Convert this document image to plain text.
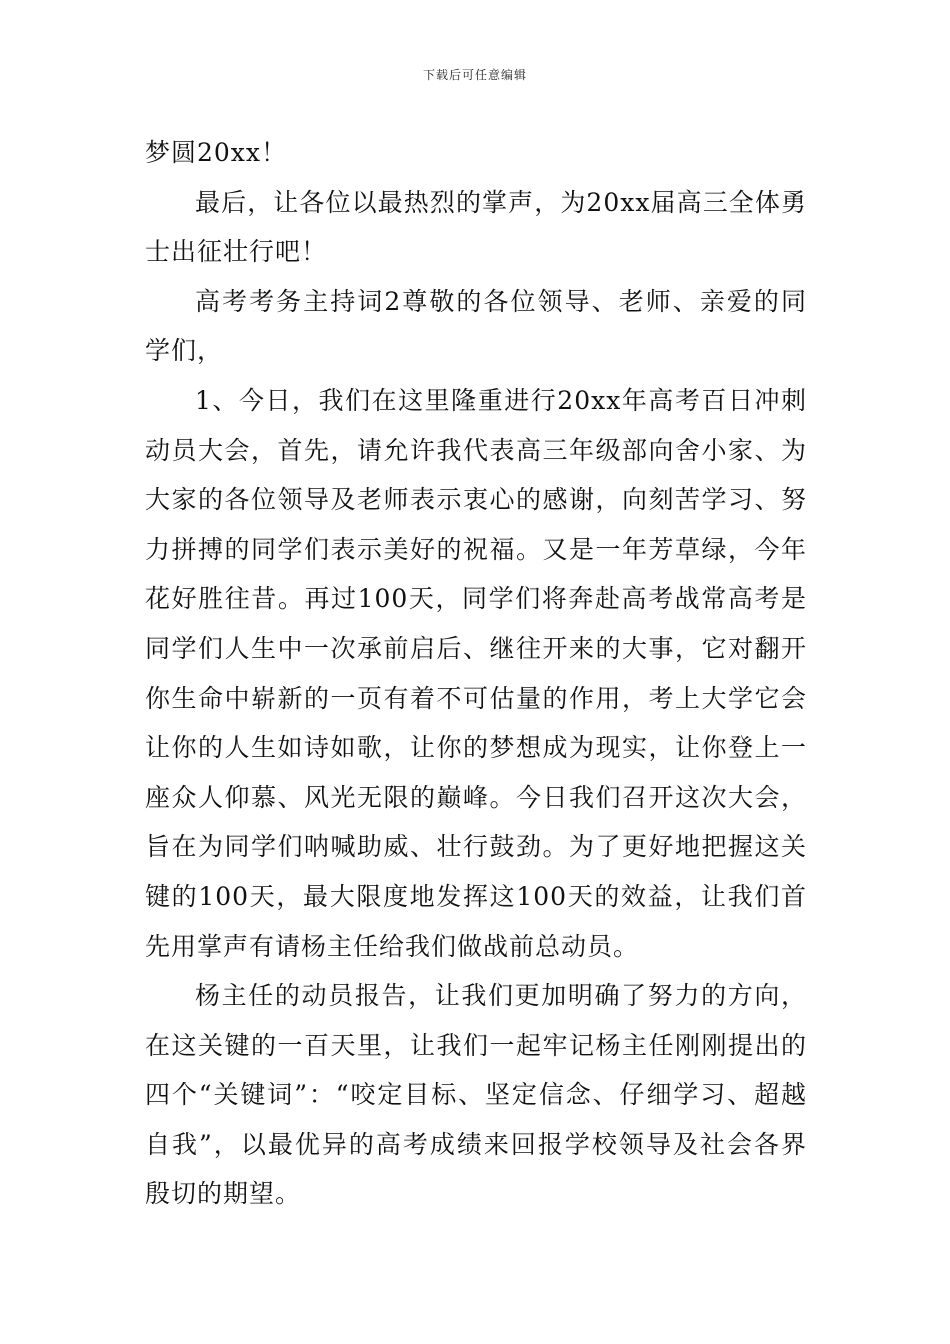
下载后可任意编辑

梦圆20xx！

最后，让各位以最热烈的掌声，为20xx届高三全体勇士出征壮行吧！

高考考务主持词2尊敬的各位领导、老师、亲爱的同学们，

1、今日，我们在这里隆重进行20xx年高考百日冲刺动员大会，首先，请允许我代表高三年级部向舍小家、为大家的各位领导及老师表示衷心的感谢，向刻苦学习、努力拼搏的同学们表示美好的祝福。又是一年芳草绿，今年花好胜往昔。再过100天，同学们将奔赴高考战常高考是同学们人生中一次承前启后、继往开来的大事，它对翻开你生命中崭新的一页有着不可估量的作用，考上大学它会让你的人生如诗如歌，让你的梦想成为现实，让你登上一座众人仰慕、风光无限的巅峰。今日我们召开这次大会，旨在为同学们呐喊助威、壮行鼓劲。为了更好地把握这关键的100天，最大限度地发挥这100天的效益，让我们首先用掌声有请杨主任给我们做战前总动员。

杨主任的动员报告，让我们更加明确了努力的方向，在这关键的一百天里，让我们一起牢记杨主任刚刚提出的四个“关键词”：“咬定目标、坚定信念、仔细学习、超越自我”，以最优异的高考成绩来回报学校领导及社会各界殷切的期望。
